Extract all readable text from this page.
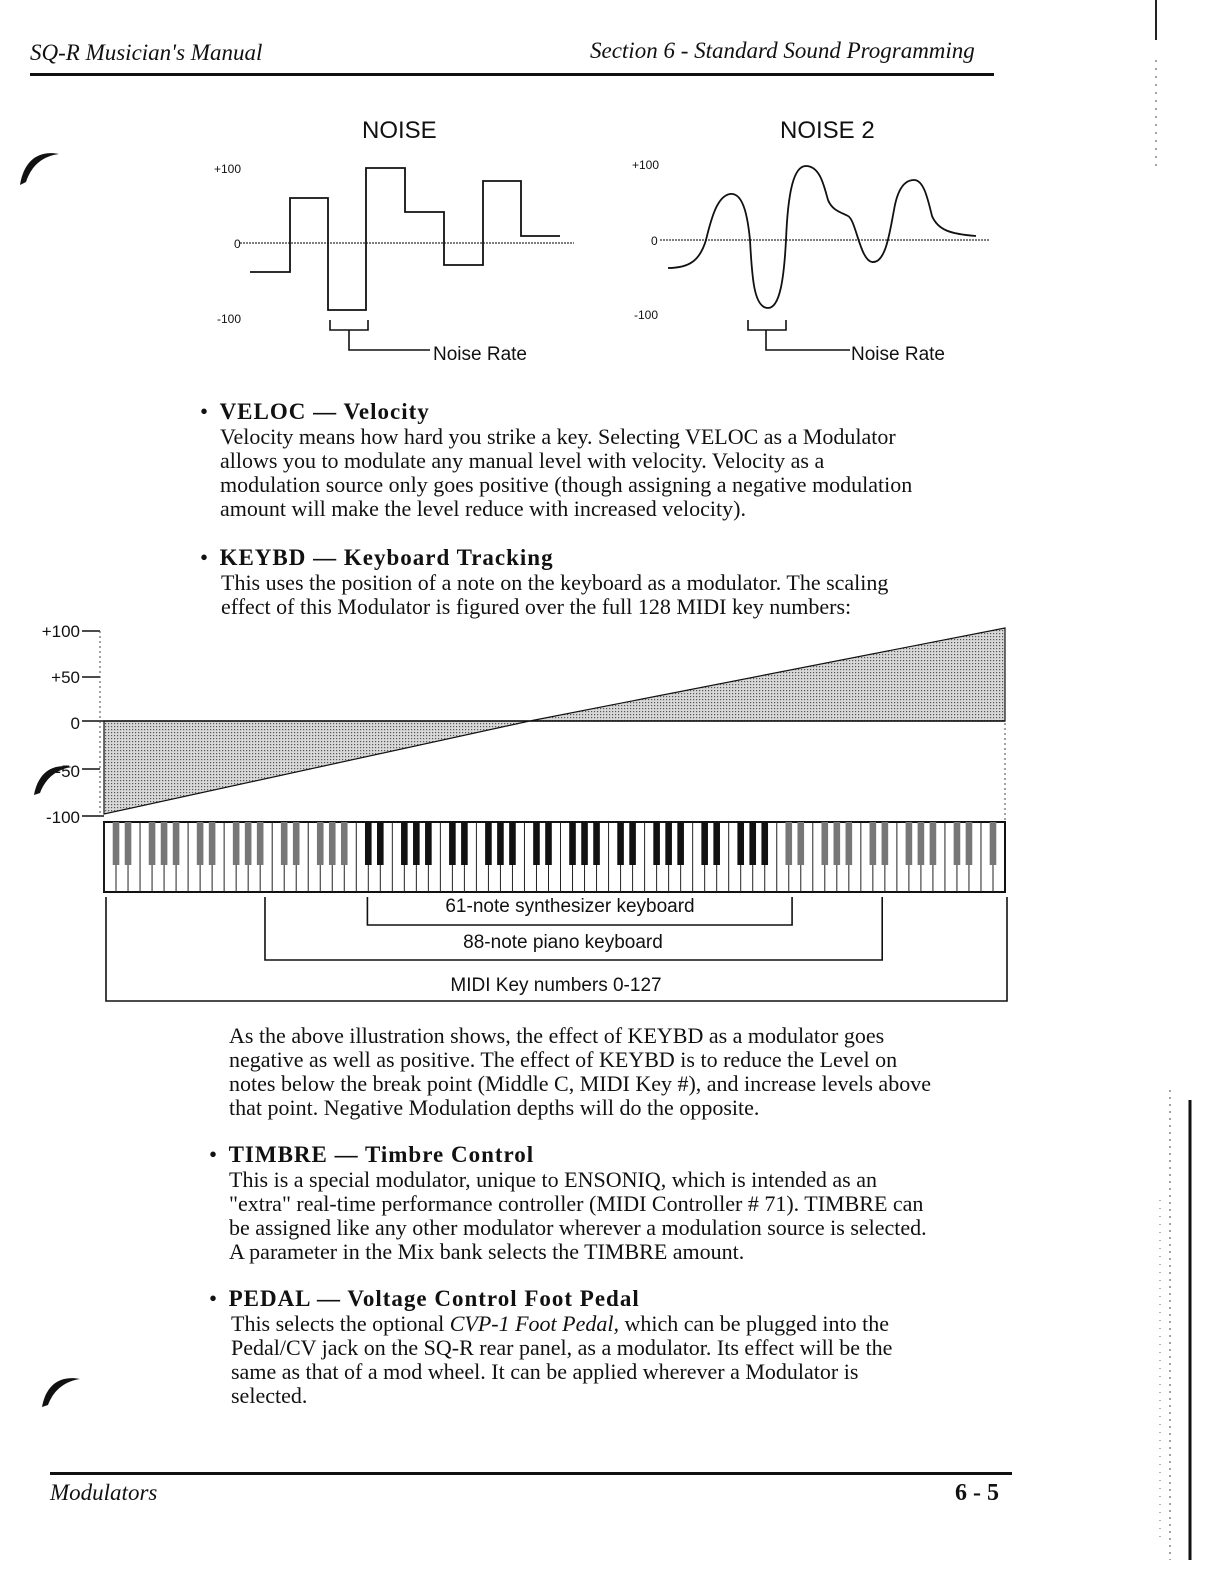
SQ-R Musician's Manual	Section 6 - Standard Sound Programming
NOISE	NOISE 2
+100
0
-100
Noise Rate
+100
0
-100
Noise Rate
• VELOC — Velocity

Velocity means how hard you strike a key. Selecting VELOC as a Modulator

allows you to modulate any manual level with velocity. Velocity as a

modulation source only goes positive (though assigning a negative modulation

amount will make the level reduce with increased velocity).

• KEYBD — Keyboard Tracking

This uses the position of a note on the keyboard as a modulator. The scaling

effect of this Modulator is figured over the full 128 MIDI key numbers:

+100
+50
0
-50
-100
61-note synthesizer keyboard
88-note piano keyboard
MIDI Key numbers 0-127

As the above illustration shows, the effect of KEYBD as a modulator goes

negative as well as positive. The effect of KEYBD is to reduce the Level on

notes below the break point (Middle C, MIDI Key #), and increase levels above

that point. Negative Modulation depths will do the opposite.

• TIMBRE — Timbre Control

This is a special modulator, unique to ENSONIQ, which is intended as an

"extra" real-time performance controller (MIDI Controller # 71). TIMBRE can

be assigned like any other modulator wherever a modulation source is selected.

A parameter in the Mix bank selects the TIMBRE amount.

• PEDAL — Voltage Control Foot Pedal

This selects the optional CVP-1 Foot Pedal, which can be plugged into the

Pedal/CV jack on the SQ-R rear panel, as a modulator. Its effect will be the

same as that of a mod wheel. It can be applied wherever a Modulator is

selected.

Modulators	6 - 5
